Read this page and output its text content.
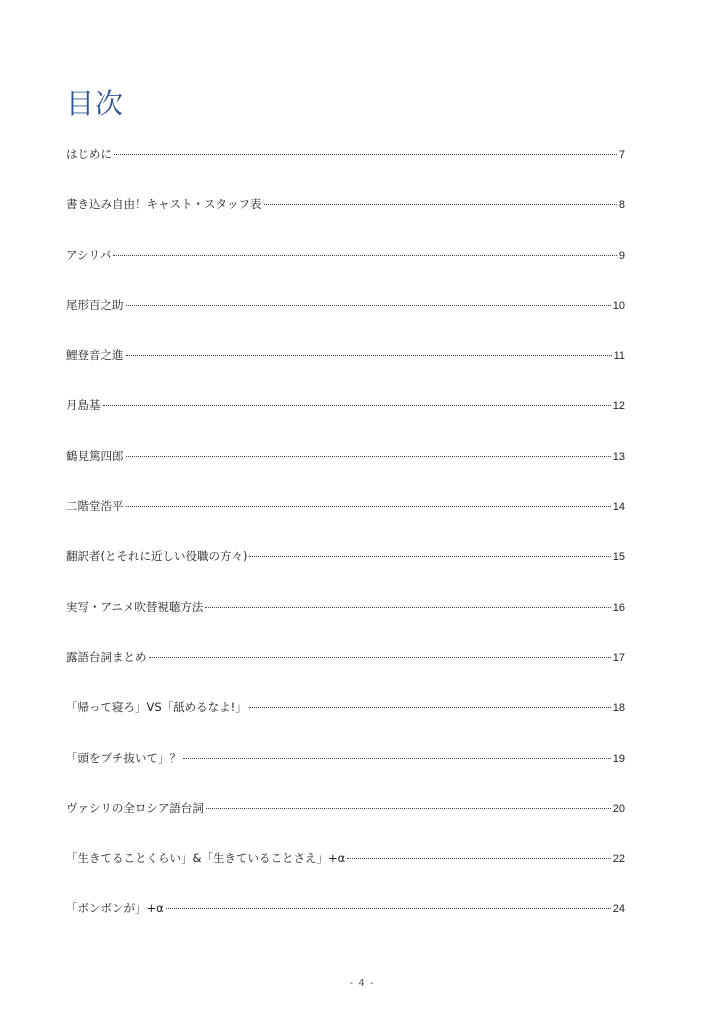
目次
はじめに	7
書き込み自由！キャスト・スタッフ表	8
アシリパ	9
尾形百之助	10
鯉登音之進	11
月島基	12
鶴見篤四郎	13
二階堂浩平	14
翻訳者(とそれに近しい役職の方々)	15
実写・アニメ吹替視聴方法	16
露語台詞まとめ	17
「帰って寝ろ」VS「舐めるなよ!」	18
「頭をブチ抜いて」？	19
ヴァシリの全ロシア語台詞	20
「生きてることくらい」&「生きていることさえ」+α	22
「ボンボンが」+α	24
- 4 -
